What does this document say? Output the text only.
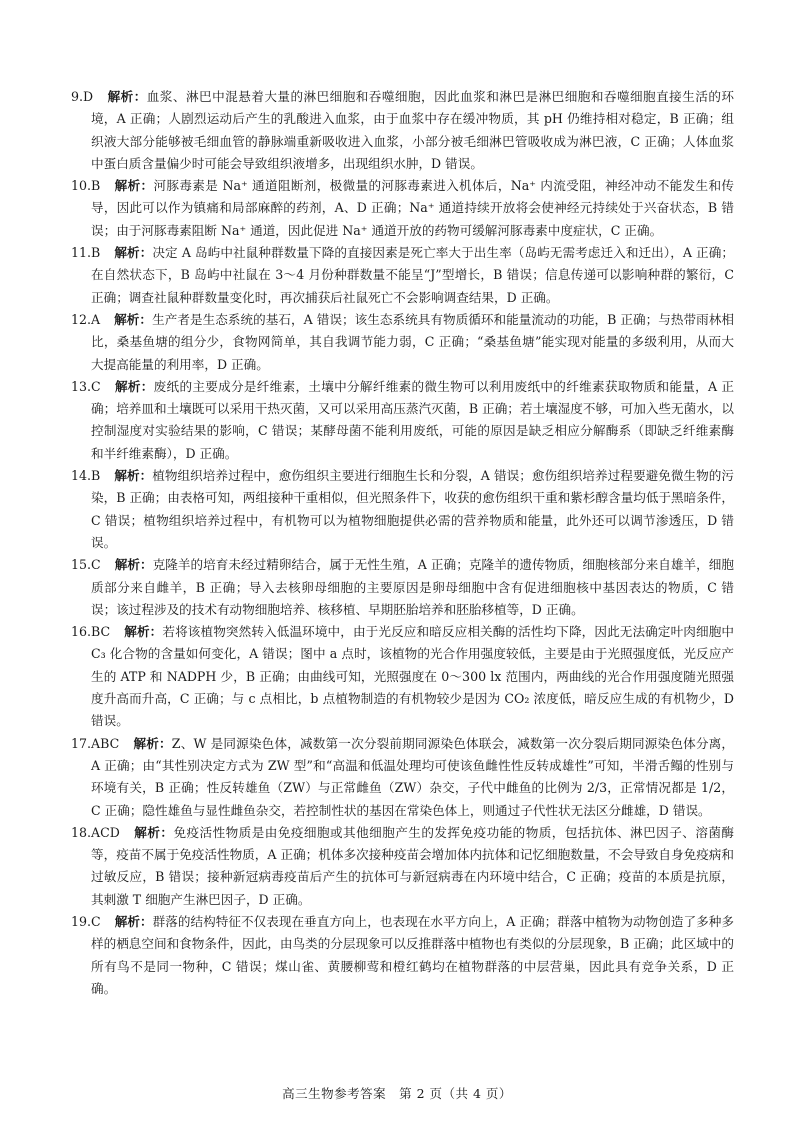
9.D 解析：血浆、淋巴中混悬着大量的淋巴细胞和吞噬细胞，因此血浆和淋巴是淋巴细胞和吞噬细胞直接生活的环境，A 正确；人剧烈运动后产生的乳酸进入血浆，由于血浆中存在缓冲物质，其 pH 仍维持相对稳定，B 正确；组织液大部分能够被毛细血管的静脉端重新吸收进入血浆，小部分被毛细淋巴管吸收成为淋巴液，C 正确；人体血浆中蛋白质含量偏少时可能会导致组织液增多，出现组织水肿，D 错误。

10.B 解析：河豚毒素是 Na⁺ 通道阻断剂，极微量的河豚毒素进入机体后，Na⁺ 内流受阻，神经冲动不能发生和传导，因此可以作为镇痛和局部麻醉的药剂，A、D 正确；Na⁺ 通道持续开放将会使神经元持续处于兴奋状态，B 错误；由于河豚毒素阻断 Na⁺ 通道，因此促进 Na⁺ 通道开放的药物可缓解河豚毒素中度症状，C 正确。

11.B 解析：决定 A 岛屿中社鼠种群数量下降的直接因素是死亡率大于出生率（岛屿无需考虑迁入和迁出），A 正确；在自然状态下，B 岛屿中社鼠在 3～4 月份种群数量不能呈“J”型增长，B 错误；信息传递可以影响种群的繁衍，C 正确；调查社鼠种群数量变化时，再次捕获后社鼠死亡不会影响调查结果，D 正确。

12.A 解析：生产者是生态系统的基石，A 错误；该生态系统具有物质循环和能量流动的功能，B 正确；与热带雨林相比，桑基鱼塘的组分少，食物网简单，其自我调节能力弱，C 正确；“桑基鱼塘”能实现对能量的多级利用，从而大大提高能量的利用率，D 正确。

13.C 解析：废纸的主要成分是纤维素，土壤中分解纤维素的微生物可以利用废纸中的纤维素获取物质和能量，A 正确；培养皿和土壤既可以采用干热灭菌，又可以采用高压蒸汽灭菌，B 正确；若土壤湿度不够，可加入些无菌水，以控制湿度对实验结果的影响，C 错误；某酵母菌不能利用废纸，可能的原因是缺乏相应分解酶系（即缺乏纤维素酶和半纤维素酶），D 正确。

14.B 解析：植物组织培养过程中，愈伤组织主要进行细胞生长和分裂，A 错误；愈伤组织培养过程要避免微生物的污染，B 正确；由表格可知，两组接种干重相似，但光照条件下，收获的愈伤组织干重和紫杉醇含量均低于黑暗条件，C 错误；植物组织培养过程中，有机物可以为植物细胞提供必需的营养物质和能量，此外还可以调节渗透压，D 错误。

15.C 解析：克隆羊的培育未经过精卵结合，属于无性生殖，A 正确；克隆羊的遗传物质，细胞核部分来自雄羊，细胞质部分来自雌羊，B 正确；导入去核卵母细胞的主要原因是卵母细胞中含有促进细胞核中基因表达的物质，C 错误；该过程涉及的技术有动物细胞培养、核移植、早期胚胎培养和胚胎移植等，D 正确。

16.BC 解析：若将该植物突然转入低温环境中，由于光反应和暗反应相关酶的活性均下降，因此无法确定叶肉细胞中 C₃ 化合物的含量如何变化，A 错误；图中 a 点时，该植物的光合作用强度较低，主要是由于光照强度低，光反应产生的 ATP 和 NADPH 少，B 正确；由曲线可知，光照强度在 0～300 lx 范围内，两曲线的光合作用强度随光照强度升高而升高，C 正确；与 c 点相比，b 点植物制造的有机物较少是因为 CO₂ 浓度低，暗反应生成的有机物少，D 错误。

17.ABC 解析：Z、W 是同源染色体，减数第一次分裂前期同源染色体联会，减数第一次分裂后期同源染色体分离，A 正确；由“其性别决定方式为 ZW 型”和“高温和低温处理均可使该鱼雌性性反转成雄性”可知，半滑舌鳎的性别与环境有关，B 正确；性反转雄鱼（ZW）与正常雌鱼（ZW）杂交，子代中雌鱼的比例为 2/3，正常情况都是 1/2，C 正确；隐性雄鱼与显性雌鱼杂交，若控制性状的基因在常染色体上，则通过子代性状无法区分雌雄，D 错误。

18.ACD 解析：免疫活性物质是由免疫细胞或其他细胞产生的发挥免疫功能的物质，包括抗体、淋巴因子、溶菌酶等，疫苗不属于免疫活性物质，A 正确；机体多次接种疫苗会增加体内抗体和记忆细胞数量，不会导致自身免疫病和过敏反应，B 错误；接种新冠病毒疫苗后产生的抗体可与新冠病毒在内环境中结合，C 正确；疫苗的本质是抗原，其刺激 T 细胞产生淋巴因子，D 正确。

19.C 解析：群落的结构特征不仅表现在垂直方向上，也表现在水平方向上，A 正确；群落中植物为动物创造了多种多样的栖息空间和食物条件，因此，由鸟类的分层现象可以反推群落中植物也有类似的分层现象，B 正确；此区域中的所有鸟不是同一物种，C 错误；煤山雀、黄腰柳莺和橙红鹤均在植物群落的中层营巢，因此具有竞争关系，D 正确。

高三生物参考答案　第 2 页（共 4 页）
